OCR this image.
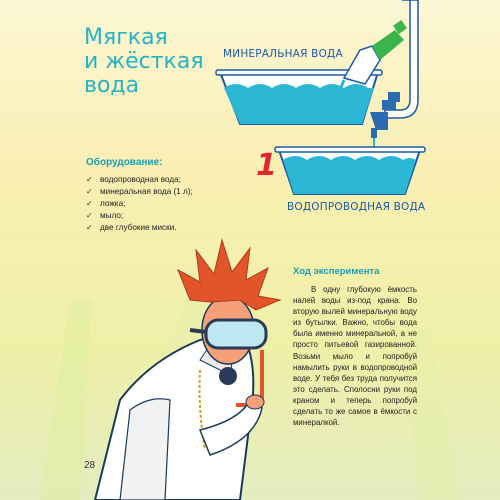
Мягкая
и жёсткая
вода
МИНЕРАЛЬНАЯ ВОДА
1
ВОДОПРОВОДНАЯ ВОДА
Оборудование:
✓ водопроводная вода;
✓ минеральная вода (1 л);
✓ ложка;
✓ мыло;
✓ две глубокие миски.
Ход эксперимента

В одну глубокую ёмкость налей воды из-под крана. Во вторую вылей минеральную воду из бутылки. Важно, чтобы вода была именно минеральной, а не просто питьевой газированной. Возьми мыло и попробуй намылить руки в водопроводной воде. У тебя без труда получится это сделать. Сполосни руки под краном и теперь попробуй сделать то же самое в ёмкости с минералкой.

28
